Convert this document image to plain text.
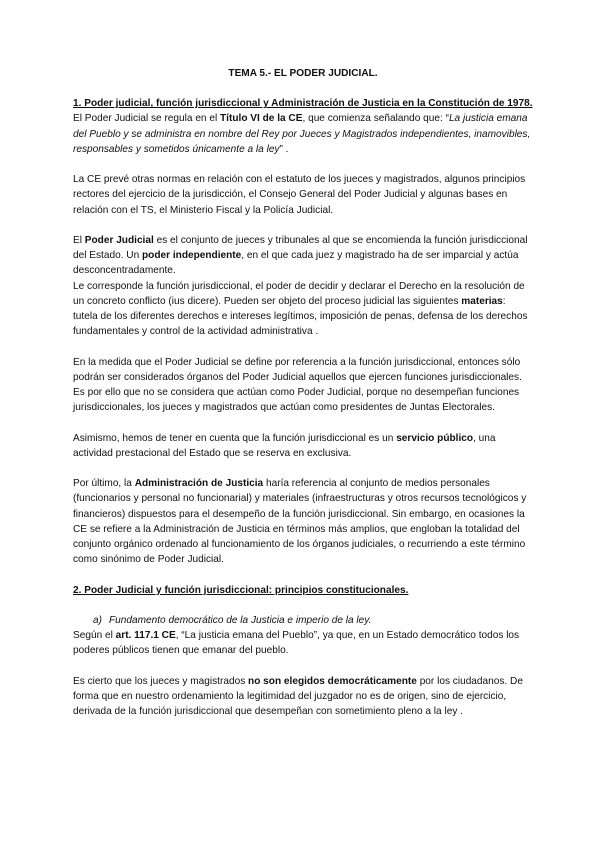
TEMA 5.- EL PODER JUDICIAL.

1. Poder judicial, función jurisdiccional y Administración de Justicia en la Constitución de 1978.

El Poder Judicial se regula en el Título VI de la CE, que comienza señalando que: “La justicia emana del Pueblo y se administra en nombre del Rey por Jueces y Magistrados independientes, inamovibles, responsables y sometidos únicamente a la ley” .

La CE prevé otras normas en relación con el estatuto de los jueces y magistrados, algunos principios rectores del ejercicio de la jurisdicción, el Consejo General del Poder Judicial y algunas bases en relación con el TS, el Ministerio Fiscal y la Policía Judicial.

El Poder Judicial es el conjunto de jueces y tribunales al que se encomienda la función jurisdiccional del Estado. Un poder independiente, en el que cada juez y magistrado ha de ser imparcial y actúa desconcentradamente.

Le corresponde la función jurisdiccional, el poder de decidir y declarar el Derecho en la resolución de un concreto conflicto (ius dicere). Pueden ser objeto del proceso judicial las siguientes materias: tutela de los diferentes derechos e intereses legítimos, imposición de penas, defensa de los derechos fundamentales y control de la actividad administrativa .

En la medida que el Poder Judicial se define por referencia a la función jurisdiccional, entonces sólo podrán ser considerados órganos del Poder Judicial aquellos que ejercen funciones jurisdiccionales. Es por ello que no se considera que actúan como Poder Judicial, porque no desempeñan funciones jurisdiccionales, los jueces y magistrados que actúan como presidentes de Juntas Electorales.

Asimismo, hemos de tener en cuenta que la función jurisdiccional es un servicio público, una actividad prestacional del Estado que se reserva en exclusiva.

Por último, la Administración de Justicia haría referencia al conjunto de medios personales (funcionarios y personal no funcionarial) y materiales (infraestructuras y otros recursos tecnológicos y financieros) dispuestos para el desempeño de la función jurisdiccional. Sin embargo, en ocasiones la CE se refiere a la Administración de Justicia en términos más amplios, que engloban la totalidad del conjunto orgánico ordenado al funcionamiento de los órganos judiciales, o recurriendo a este término como sinónimo de Poder Judicial.

2. Poder Judicial y función jurisdiccional: principios constitucionales.

a) Fundamento democrático de la Justicia e imperio de la ley.

Según el art. 117.1 CE, “La justicia emana del Pueblo”, ya que, en un Estado democrático todos los poderes públicos tienen que emanar del pueblo.

Es cierto que los jueces y magistrados no son elegidos democráticamente por los ciudadanos. De forma que en nuestro ordenamiento la legitimidad del juzgador no es de origen, sino de ejercicio, derivada de la función jurisdiccional que desempeñan con sometimiento pleno a la ley .
